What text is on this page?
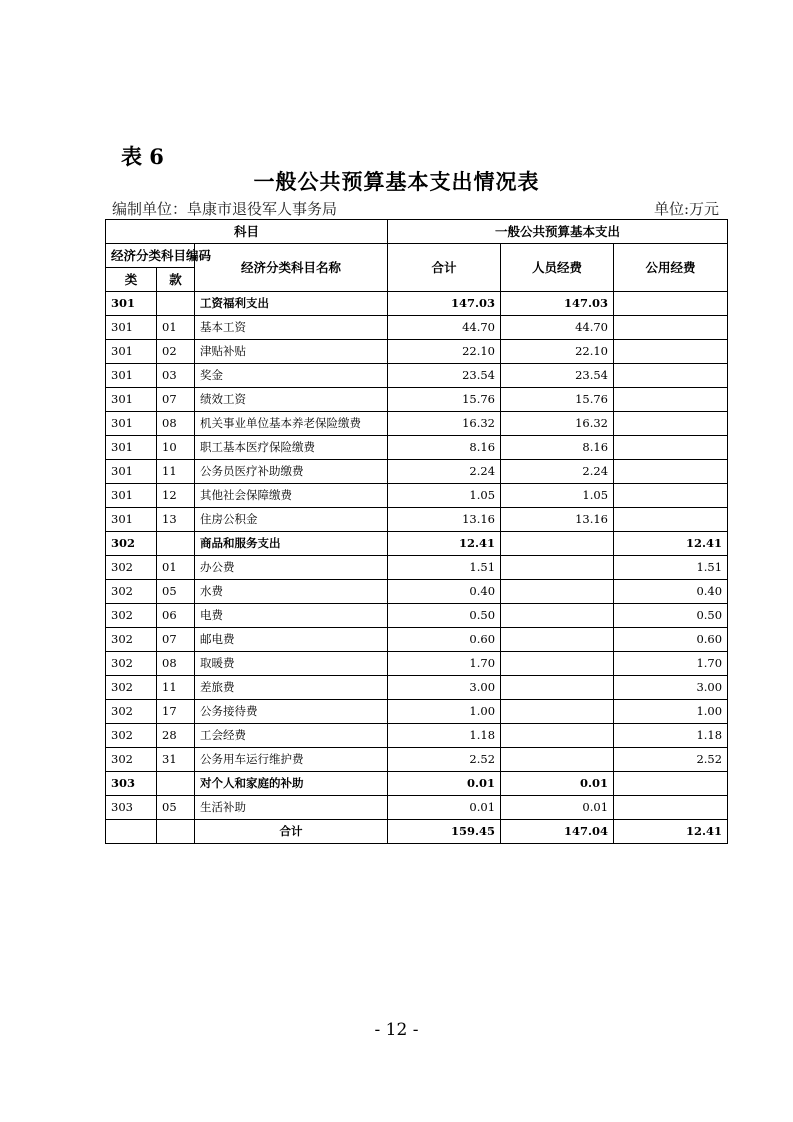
表 6
一般公共预算基本支出情况表
编制单位：阜康市退役军人事务局	单位:万元
科目			一般公共预算基本支出		
经济分类科目编码		经济分类科目名称	合计	人员经费	公用经费
类	款				
301		工资福利支出	147.03	147.03	
301	01	基本工资	44.70	44.70	
301	02	津贴补贴	22.10	22.10	
301	03	奖金	23.54	23.54	
301	07	绩效工资	15.76	15.76	
301	08	机关事业单位基本养老保险缴费	16.32	16.32	
301	10	职工基本医疗保险缴费	8.16	8.16	
301	11	公务员医疗补助缴费	2.24	2.24	
301	12	其他社会保障缴费	1.05	1.05	
301	13	住房公积金	13.16	13.16	
302		商品和服务支出	12.41		12.41
302	01	办公费	1.51		1.51
302	05	水费	0.40		0.40
302	06	电费	0.50		0.50
302	07	邮电费	0.60		0.60
302	08	取暖费	1.70		1.70
302	11	差旅费	3.00		3.00
302	17	公务接待费	1.00		1.00
302	28	工会经费	1.18		1.18
302	31	公务用车运行维护费	2.52		2.52
303		对个人和家庭的补助	0.01	0.01	
303	05	生活补助	0.01	0.01	
		合计	159.45	147.04	12.41
- 12 -
